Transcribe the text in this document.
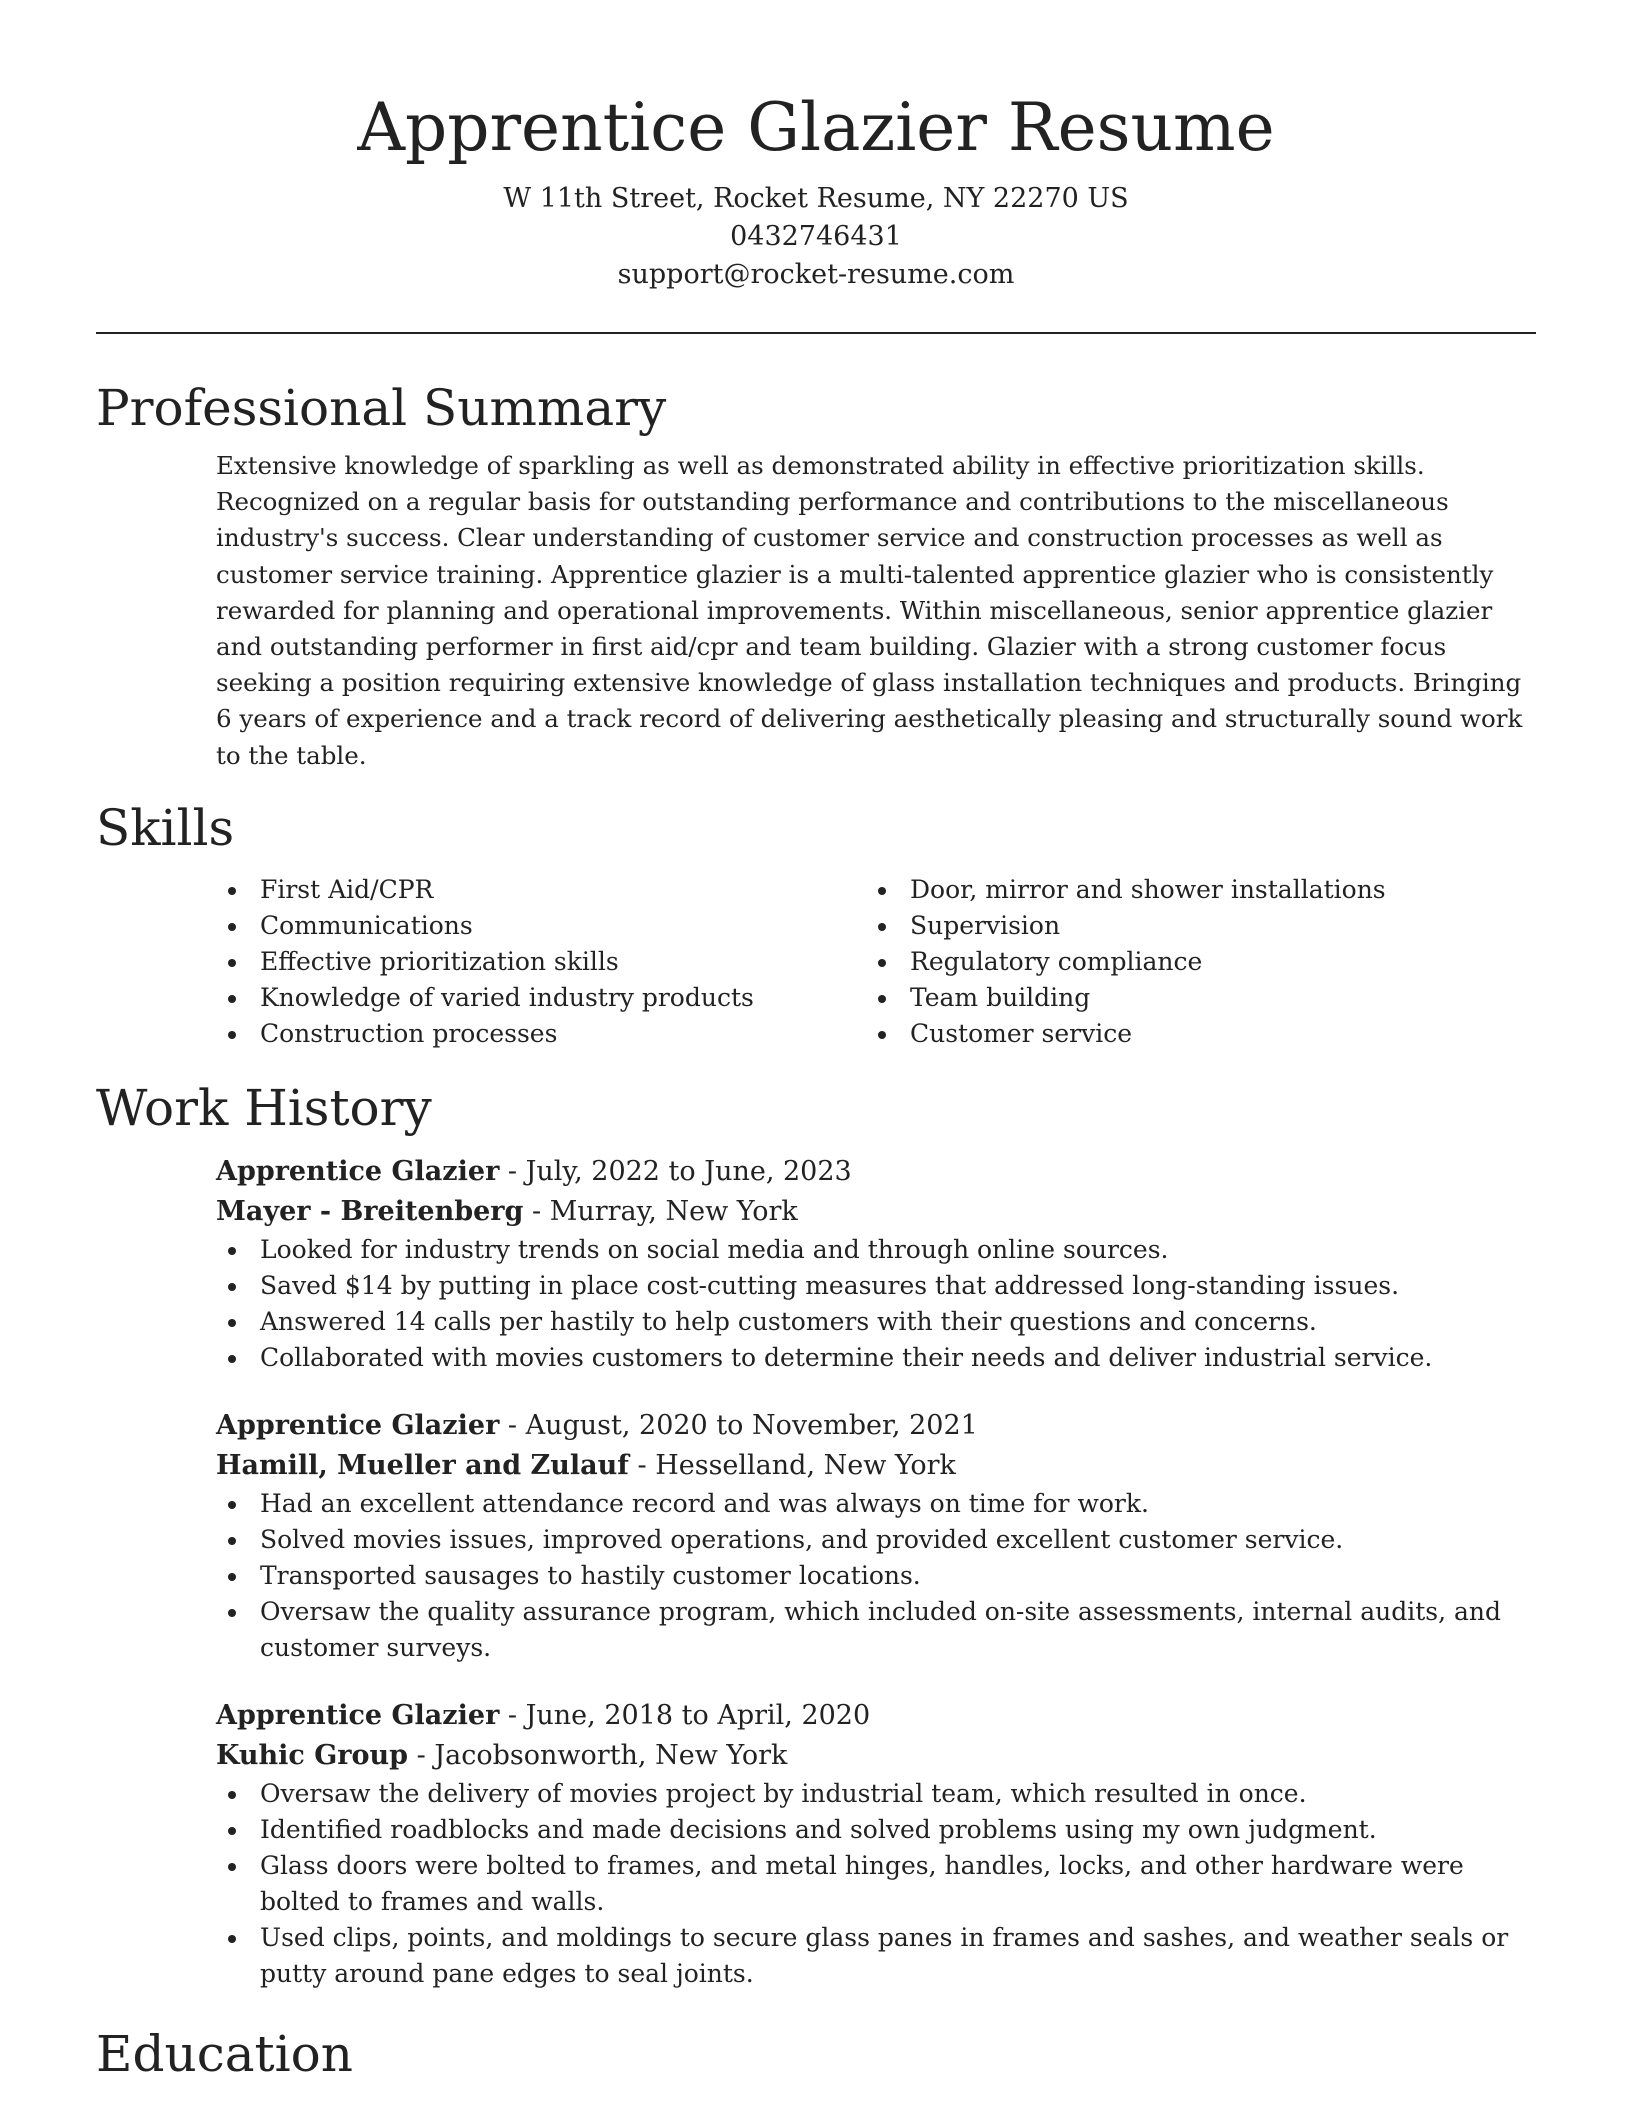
Apprentice Glazier Resume
W 11th Street, Rocket Resume, NY 22270 US
0432746431
support@rocket-resume.com
Professional Summary

Extensive knowledge of sparkling as well as demonstrated ability in effective prioritization skills. Recognized on a regular basis for outstanding performance and contributions to the miscellaneous industry's success. Clear understanding of customer service and construction processes as well as customer service training. Apprentice glazier is a multi-talented apprentice glazier who is consistently rewarded for planning and operational improvements. Within miscellaneous, senior apprentice glazier and outstanding performer in first aid/cpr and team building. Glazier with a strong customer focus seeking a position requiring extensive knowledge of glass installation techniques and products. Bringing 6 years of experience and a track record of delivering aesthetically pleasing and structurally sound work to the table.

Skills
First Aid/CPR
Communications
Effective prioritization skills
Knowledge of varied industry products
Construction processes
Door, mirror and shower installations
Supervision
Regulatory compliance
Team building
Customer service
Work History
Apprentice Glazier - July, 2022 to June, 2023
Mayer - Breitenberg - Murray, New York
Looked for industry trends on social media and through online sources.
Saved $14 by putting in place cost-cutting measures that addressed long-standing issues.
Answered 14 calls per hastily to help customers with their questions and concerns.
Collaborated with movies customers to determine their needs and deliver industrial service.
Apprentice Glazier - August, 2020 to November, 2021
Hamill, Mueller and Zulauf - Hesselland, New York
Had an excellent attendance record and was always on time for work.
Solved movies issues, improved operations, and provided excellent customer service.
Transported sausages to hastily customer locations.
Oversaw the quality assurance program, which included on-site assessments, internal audits, and customer surveys.
Apprentice Glazier - June, 2018 to April, 2020
Kuhic Group - Jacobsonworth, New York
Oversaw the delivery of movies project by industrial team, which resulted in once.
Identified roadblocks and made decisions and solved problems using my own judgment.
Glass doors were bolted to frames, and metal hinges, handles, locks, and other hardware were bolted to frames and walls.
Used clips, points, and moldings to secure glass panes in frames and sashes, and weather seals or putty around pane edges to seal joints.
Education
